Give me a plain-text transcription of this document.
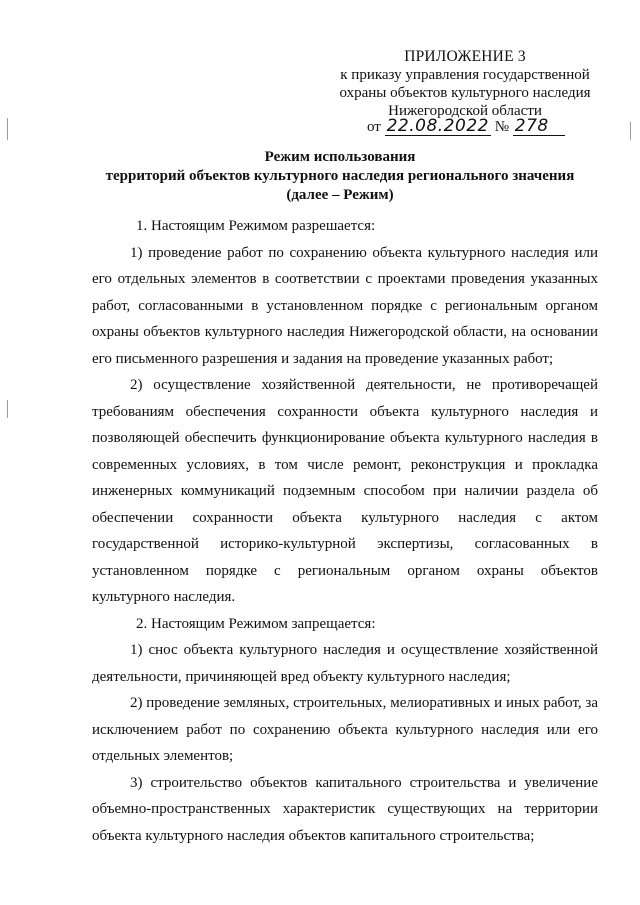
ПРИЛОЖЕНИЕ 3
к приказу управления государственной
охраны объектов культурного наследия
Нижегородской области
от 22.08.2022 № 278
Режим использования
территорий объектов культурного наследия регионального значения
(далее – Режим)

1. Настоящим Режимом разрешается:

1) проведение работ по сохранению объекта культурного наследия или его отдельных элементов в соответствии с проектами проведения указанных работ, согласованными в установленном порядке с региональным органом охраны объектов культурного наследия Нижегородской области, на основании его письменного разрешения и задания на проведение указанных работ;

2) осуществление хозяйственной деятельности, не противоречащей требованиям обеспечения сохранности объекта культурного наследия и позволяющей обеспечить функционирование объекта культурного наследия в современных условиях, в том числе ремонт, реконструкция и прокладка инженерных коммуникаций подземным способом при наличии раздела об обеспечении сохранности объекта культурного наследия с актом государственной историко-культурной экспертизы, согласованных в установленном порядке с региональным органом охраны объектов культурного наследия.

2. Настоящим Режимом запрещается:

1) снос объекта культурного наследия и осуществление хозяйственной деятельности, причиняющей вред объекту культурного наследия;

2) проведение земляных, строительных, мелиоративных и иных работ, за исключением работ по сохранению объекта культурного наследия или его отдельных элементов;

3) строительство объектов капитального строительства и увеличение объемно-пространственных характеристик существующих на территории объекта культурного наследия объектов капитального строительства;
